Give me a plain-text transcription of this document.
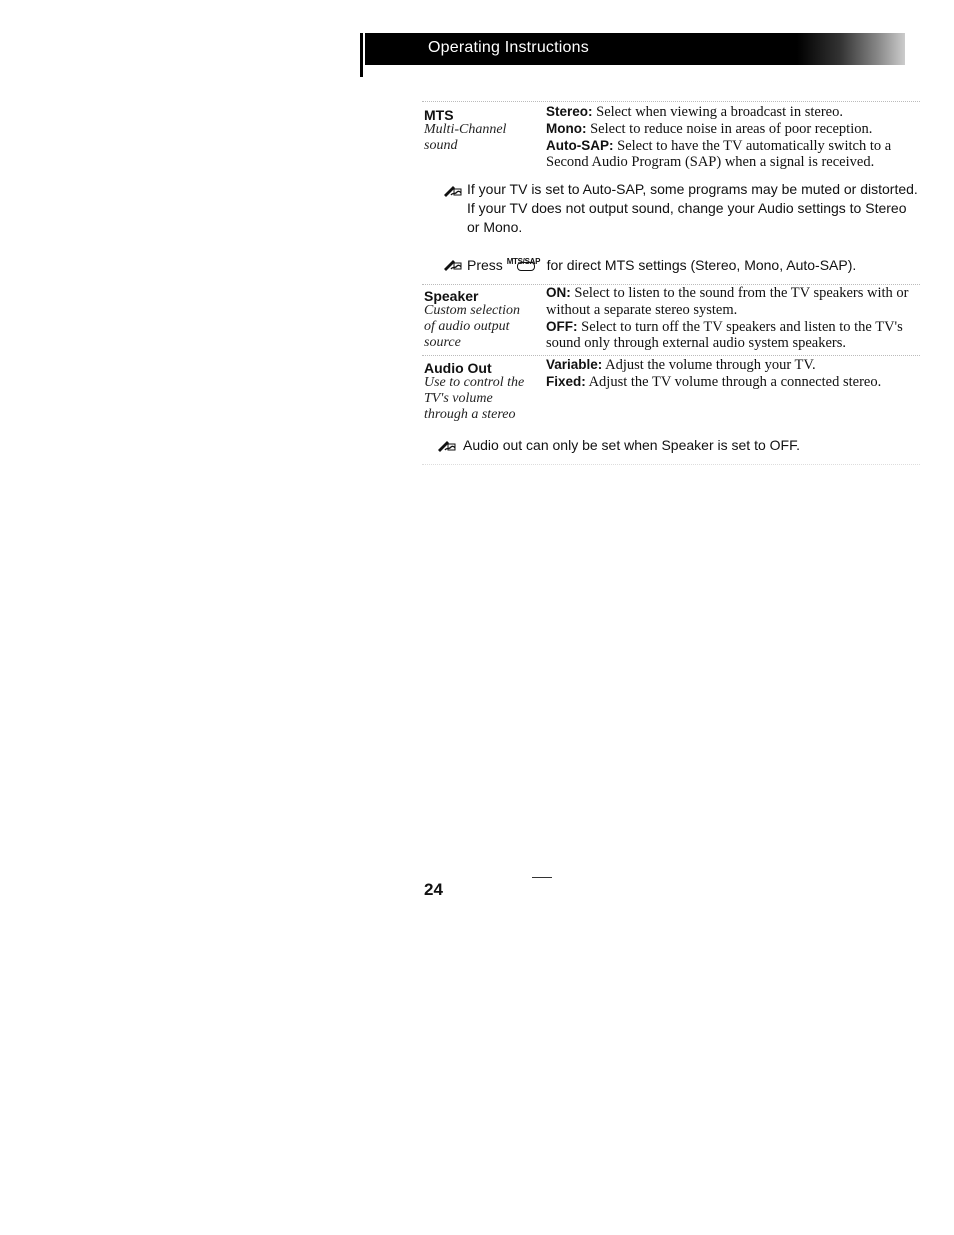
Operating Instructions
MTS
Multi-Channel
sound
Stereo: Select when viewing a broadcast in stereo.
Mono: Select to reduce noise in areas of poor reception.
Auto-SAP: Select to have the TV automatically switch to a Second Audio Program (SAP) when a signal is received.
If your TV is set to Auto-SAP, some programs may be muted or distorted. If your TV does not output sound, change your Audio settings to Stereo or Mono.
Press MTS/SAP for direct MTS settings (Stereo, Mono, Auto-SAP).
Speaker
Custom selection
of audio output
source
ON: Select to listen to the sound from the TV speakers with or without a separate stereo system.
OFF: Select to turn off the TV speakers and listen to the TV's sound only through external audio system speakers.
Audio Out
Use to control the
TV's volume
through a stereo
Variable: Adjust the volume through your TV.
Fixed: Adjust the TV volume through a connected stereo.
Audio out can only be set when Speaker is set to OFF.
24
